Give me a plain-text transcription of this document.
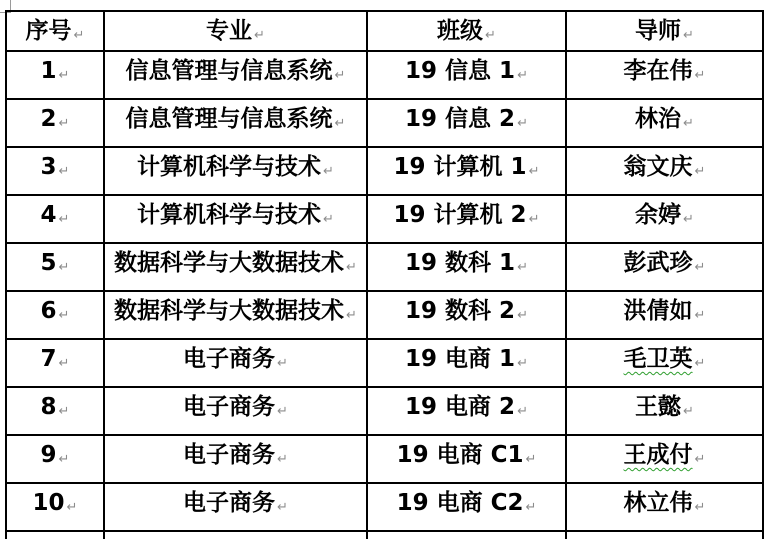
序号 ↵	专业 ↵	班级 ↵	导师 ↵
1 ↵	信息管理与信息系统 ↵	19 信息 1 ↵	李在伟 ↵
2 ↵	信息管理与信息系统 ↵	19 信息 2 ↵	林治 ↵
3 ↵	计算机科学与技术 ↵	19 计算机 1 ↵	翁文庆 ↵
4 ↵	计算机科学与技术 ↵	19 计算机 2 ↵	余婷 ↵
5 ↵	数据科学与大数据技术 ↵	19 数科 1 ↵	彭武珍 ↵
6 ↵	数据科学与大数据技术 ↵	19 数科 2 ↵	洪倩如 ↵
7 ↵	电子商务 ↵	19 电商 1 ↵	毛卫英 ↵
8 ↵	电子商务 ↵	19 电商 2 ↵	王懿 ↵
9 ↵	电子商务 ↵	19 电商 C1 ↵	王成付 ↵
10 ↵	电子商务 ↵	19 电商 C2 ↵	林立伟 ↵
